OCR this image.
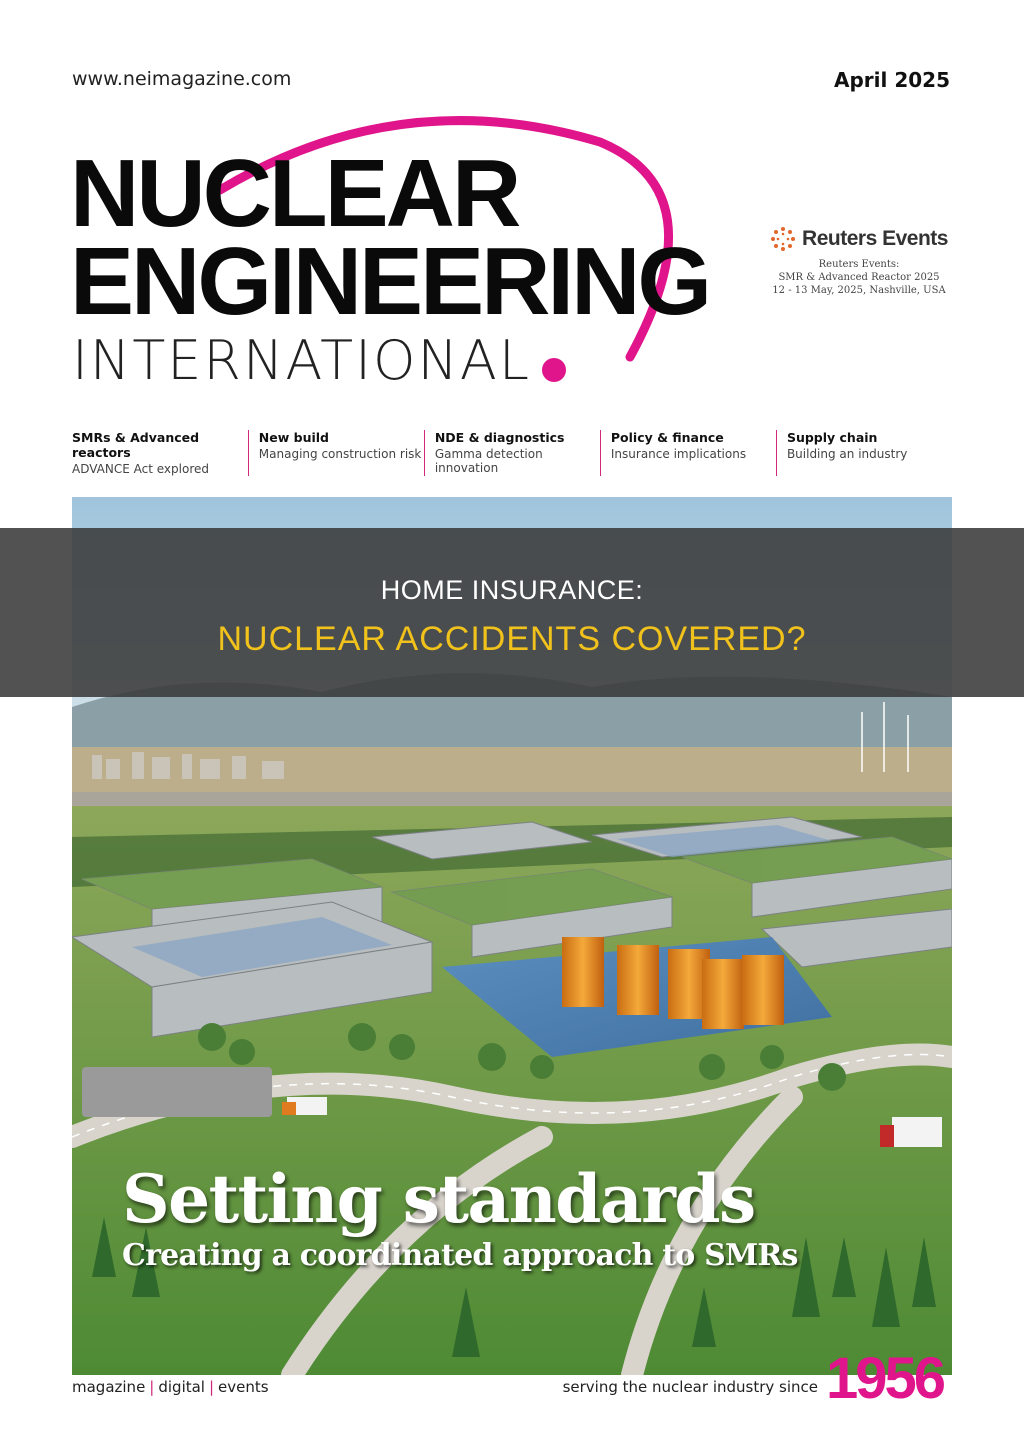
www.neimagazine.com	April 2025
NUCLEAR
ENGINEERING
INTERNATIONAL
Reuters Events
Reuters Events:
SMR & Advanced Reactor 2025
12 - 13 May, 2025, Nashville, USA
SMRs & Advanced reactors
ADVANCE Act explored
New build
Managing construction risk
NDE & diagnostics
Gamma detection innovation
Policy & finance
Insurance implications
Supply chain
Building an industry
Setting standards
Creating a coordinated approach to SMRs
HOME INSURANCE:
NUCLEAR ACCIDENTS COVERED?
magazine | digital | events	serving the nuclear industry since 1956
